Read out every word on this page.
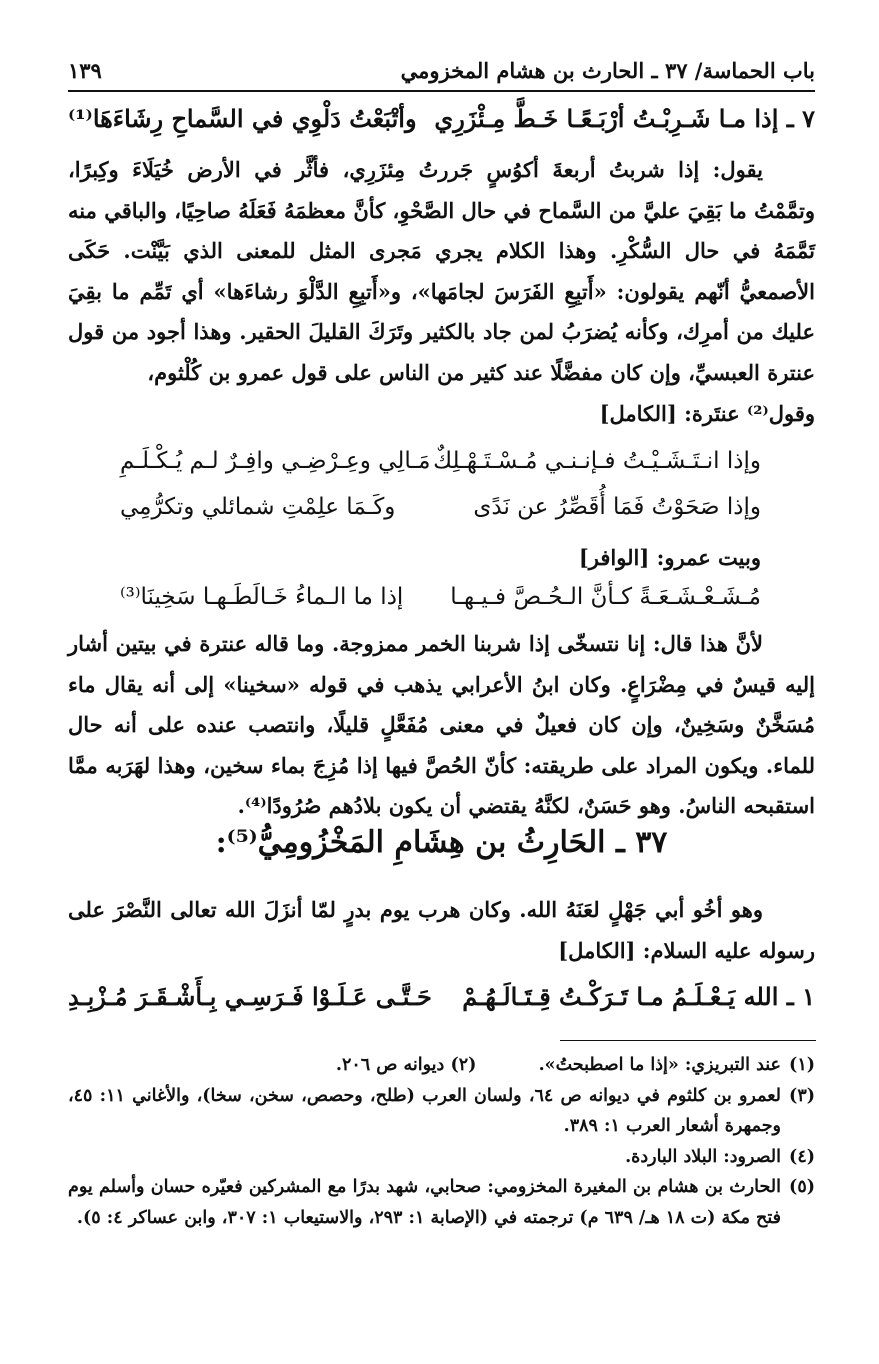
باب الحماسة/ ٣٧ ـ الحارث بن هشام المخزومي
١٣٩
٧ ـ إذا مـا شَـرِبْـتُ أرْبَـعًـا خَـطَّ مِـئْزَرِي
وأتْبَعْتُ دَلْوِي في السَّماحِ رِشَاءَهَا⁽¹⁾
يقول: إذا شربتُ أربعةَ أكوُسٍ جَررتُ مِئزَرِي، فأثَّر في الأرض خُيَلَاءَ وكِبرًا، وتمَّمْتُ ما بَقِيَ عليَّ من السَّماح في حال الصَّحْوِ، كأنَّ معظمَهُ فَعَلَهُ صاحِيًا، والباقي منه تَمَّمَهُ في حال السُّكْرِ. وهذا الكلام يجري مَجرى المثل للمعنى الذي بَيَّنْت. حَكَى الأصمعيُّ أنّهم يقولون: «أَتبِعِ الفَرَسَ لجامَها»، و«أَتبِعِ الدَّلْوَ رشاءَها» أي تَمِّم ما بقِيَ عليك من أمرِك، وكأنه يُضرَبُ لمن جاد بالكثير وتَرَكَ القليلَ الحقير. وهذا أجود من قول عنترة العبسيِّ، وإن كان مفضَّلًا عند كثير من الناس على قول عمرو بن كُلْثوم،
وقول⁽²⁾ عنتَرة: [الكامل]
وإذا انـتَـشَـيْـتُ فـإنـنـي مُـسْـتَـهْـلِكٌ
مَـالِي وعِـرْضِـي وافِـرٌ لـم يُـكْـلَـمِ
وإذا صَحَوْتُ فَمَا أُقَصِّرُ عن نَدًى
وكَـمَا علِمْتِ شمائلي وتكرُّمِي
وبيت عمرو: [الوافر]
مُـشَـعْـشَـعَـةً كـأنَّ الـحُـصَّ فـيـهـا
إذا ما الـماءُ خَـالَطَـهـا سَخِينَا⁽³⁾
لأنَّ هذا قال: إنا نتسخّى إذا شربنا الخمر ممزوجة. وما قاله عنترة في بيتين أشار إليه قيسٌ في مِضْرَاعٍ. وكان ابنُ الأعرابي يذهب في قوله «سخينا» إلى أنه يقال ماء مُسَخَّنٌ وسَخِينٌ، وإن كان فعيلٌ في معنى مُفَعَّلٍ قليلًا، وانتصب عنده على أنه حال للماء. ويكون المراد على طريقته: كأنّ الحُصَّ فيها إذا مُزِجَ بماء سخين، وهذا لهَرَبه ممَّا استقبحه الناسُ. وهو حَسَنٌ، لكنَّهُ يقتضي أن يكون بلادُهم صُرُودًا⁽⁴⁾.
٣٧ ـ الحَارِثُ بن هِشَامِ المَخْزُومِيُّ⁽⁵⁾:
وهو أخُو أبي جَهْلٍ لعَنَهُ الله. وكان هرب يوم بدرٍ لمّا أنزَلَ الله تعالى النَّصْرَ على رسوله عليه السلام: [الكامل]
١ ـ الله يَـعْـلَـمُ مـا تَـرَكْـتُ قِـتَـالَـهُـمْ
حَـتَّـى عَـلَـوْا فَـرَسِـي بِـأَشْـقَـرَ مُـزْبِـدِ
(١)
عند التبريزي: «إذا ما اصطبحتُ».  (٢) ديوانه ص ٢٠٦.
(٣)
لعمرو بن كلثوم في ديوانه ص ٦٤، ولسان العرب (طلح، وحصص، سخن، سخا)، والأغاني ١١: ٤٥، وجمهرة أشعار العرب ١: ٣٨٩.
(٤)
الصرود: البلاد الباردة.
(٥)
الحارث بن هشام بن المغيرة المخزومي: صحابي، شهد بدرًا مع المشركين فعيّره حسان وأسلم يوم فتح مكة (ت ١٨ هـ/ ٦٣٩ م) ترجمته في (الإصابة ١: ٢٩٣، والاستيعاب ١: ٣٠٧، وابن عساكر ٤: ٥).
